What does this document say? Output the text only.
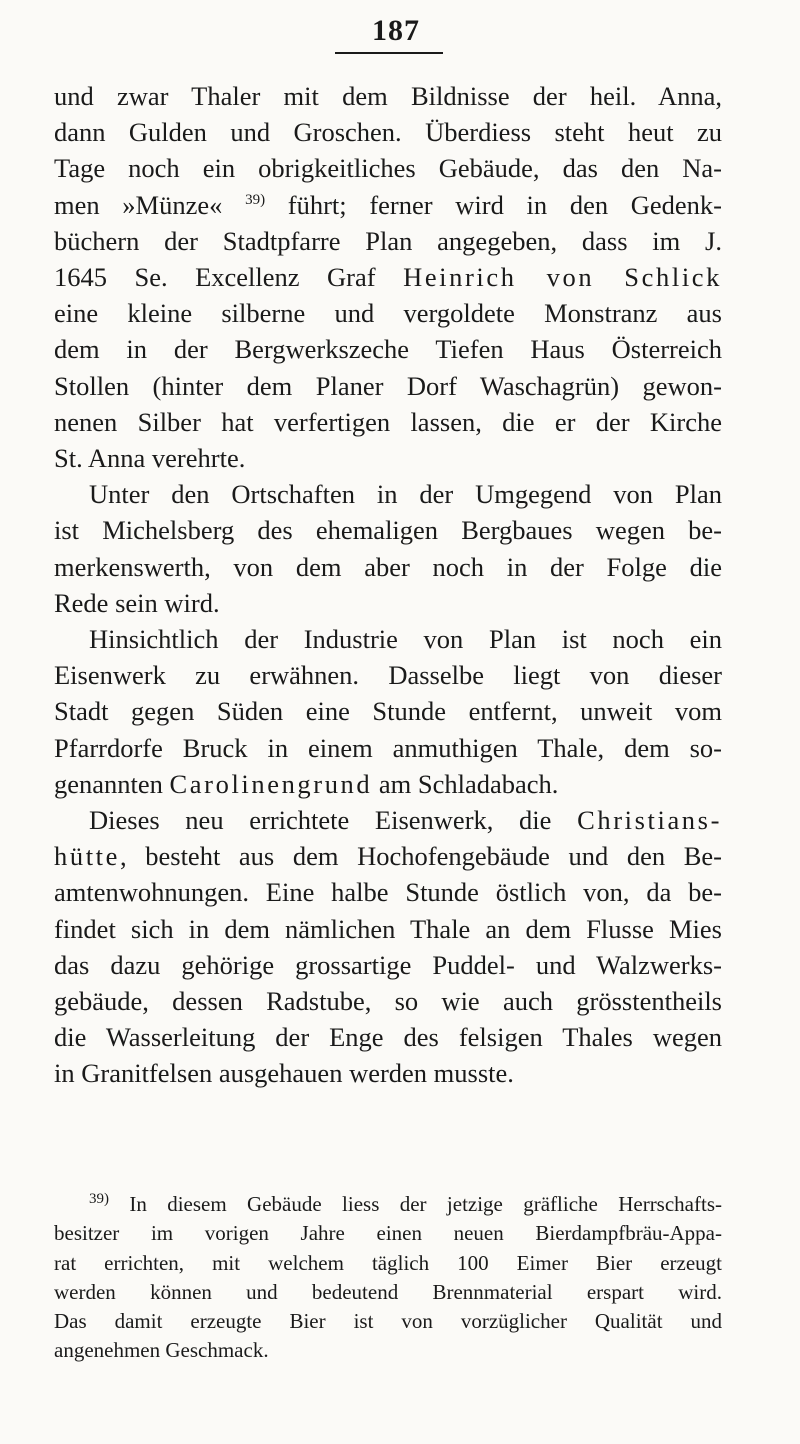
187
und zwar Thaler mit dem Bildnisse der heil. Anna,
dann Gulden und Groschen. Überdiess steht heut zu
Tage noch ein obrigkeitliches Gebäude, das den Na-
men »Münze« $^{39)}$ führt; ferner wird in den Gedenk-
büchern der Stadtpfarre Plan angegeben, dass im J.
1645 Se. Excellenz Graf Heinrich von Schlick
eine kleine silberne und vergoldete Monstranz aus
dem in der Bergwerkszeche Tiefen Haus Österreich
Stollen (hinter dem Planer Dorf Waschagrün) gewon-
nenen Silber hat verfertigen lassen, die er der Kirche
St. Anna verehrte.
Unter den Ortschaften in der Umgegend von Plan
ist Michelsberg des ehemaligen Bergbaues wegen be-
merkenswerth, von dem aber noch in der Folge die
Rede sein wird.
Hinsichtlich der Industrie von Plan ist noch ein
Eisenwerk zu erwähnen. Dasselbe liegt von dieser
Stadt gegen Süden eine Stunde entfernt, unweit vom
Pfarrdorfe Bruck in einem anmuthigen Thale, dem so-
genannten Carolinengrund am Schladabach.
Dieses neu errichtete Eisenwerk, die Christians-
hütte, besteht aus dem Hochofengebäude und den Be-
amtenwohnungen. Eine halbe Stunde östlich von, da be-
findet sich in dem nämlichen Thale an dem Flusse Mies
das dazu gehörige grossartige Puddel- und Walzwerks-
gebäude, dessen Radstube, so wie auch grösstentheils
die Wasserleitung der Enge des felsigen Thales wegen
in Granitfelsen ausgehauen werden musste.
$^{39)}$ In diesem Gebäude liess der jetzige gräfliche Herrschafts-
besitzer im vorigen Jahre einen neuen Bierdampfbräu-Appa-
rat errichten, mit welchem täglich 100 Eimer Bier erzeugt
werden können und bedeutend Brennmaterial erspart wird.
Das damit erzeugte Bier ist von vorzüglicher Qualität und
angenehmen Geschmack.
